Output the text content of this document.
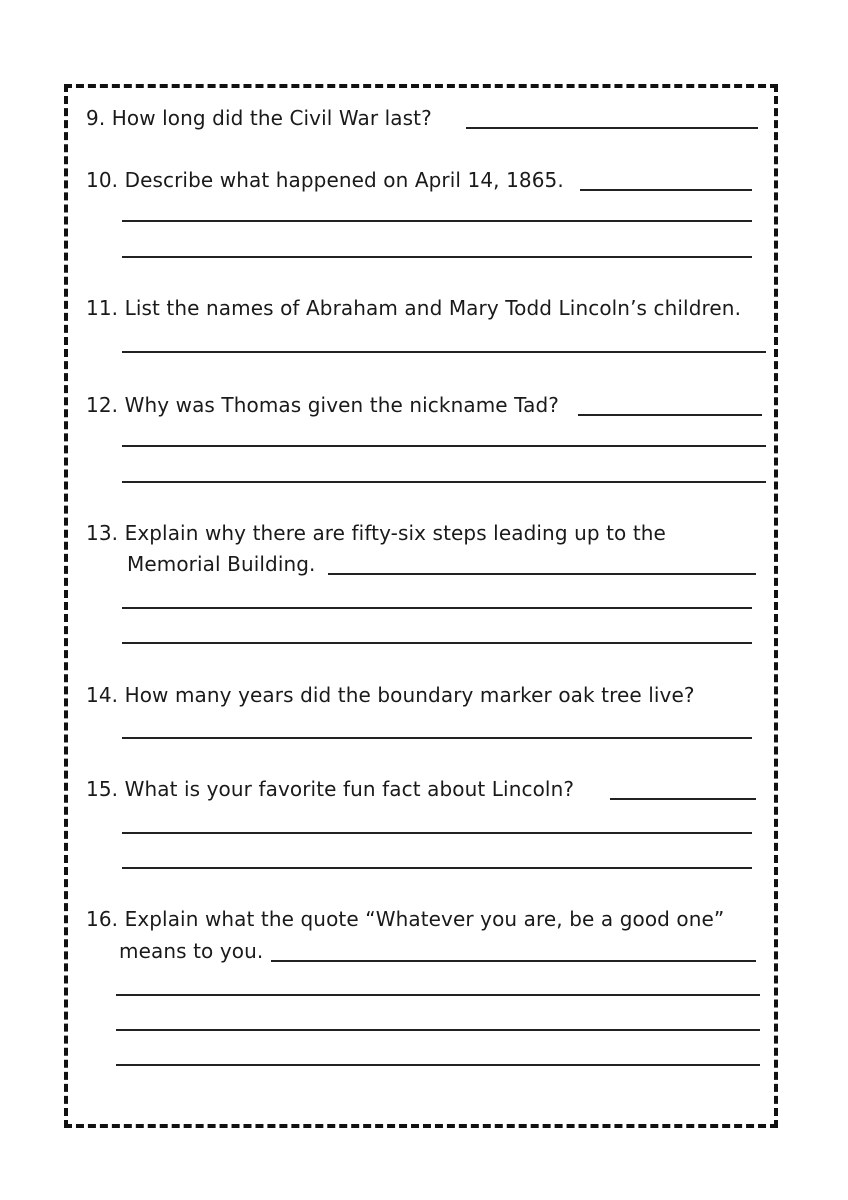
9. How long did the Civil War last?
10. Describe what happened on April 14, 1865.
11. List the names of Abraham and Mary Todd Lincoln’s children.
12. Why was Thomas given the nickname Tad?
13. Explain why there are fifty-six steps leading up to the
Memorial Building.
14. How many years did the boundary marker oak tree live?
15. What is your favorite fun fact about Lincoln?
16. Explain what the quote “Whatever you are, be a good one”
means to you.
